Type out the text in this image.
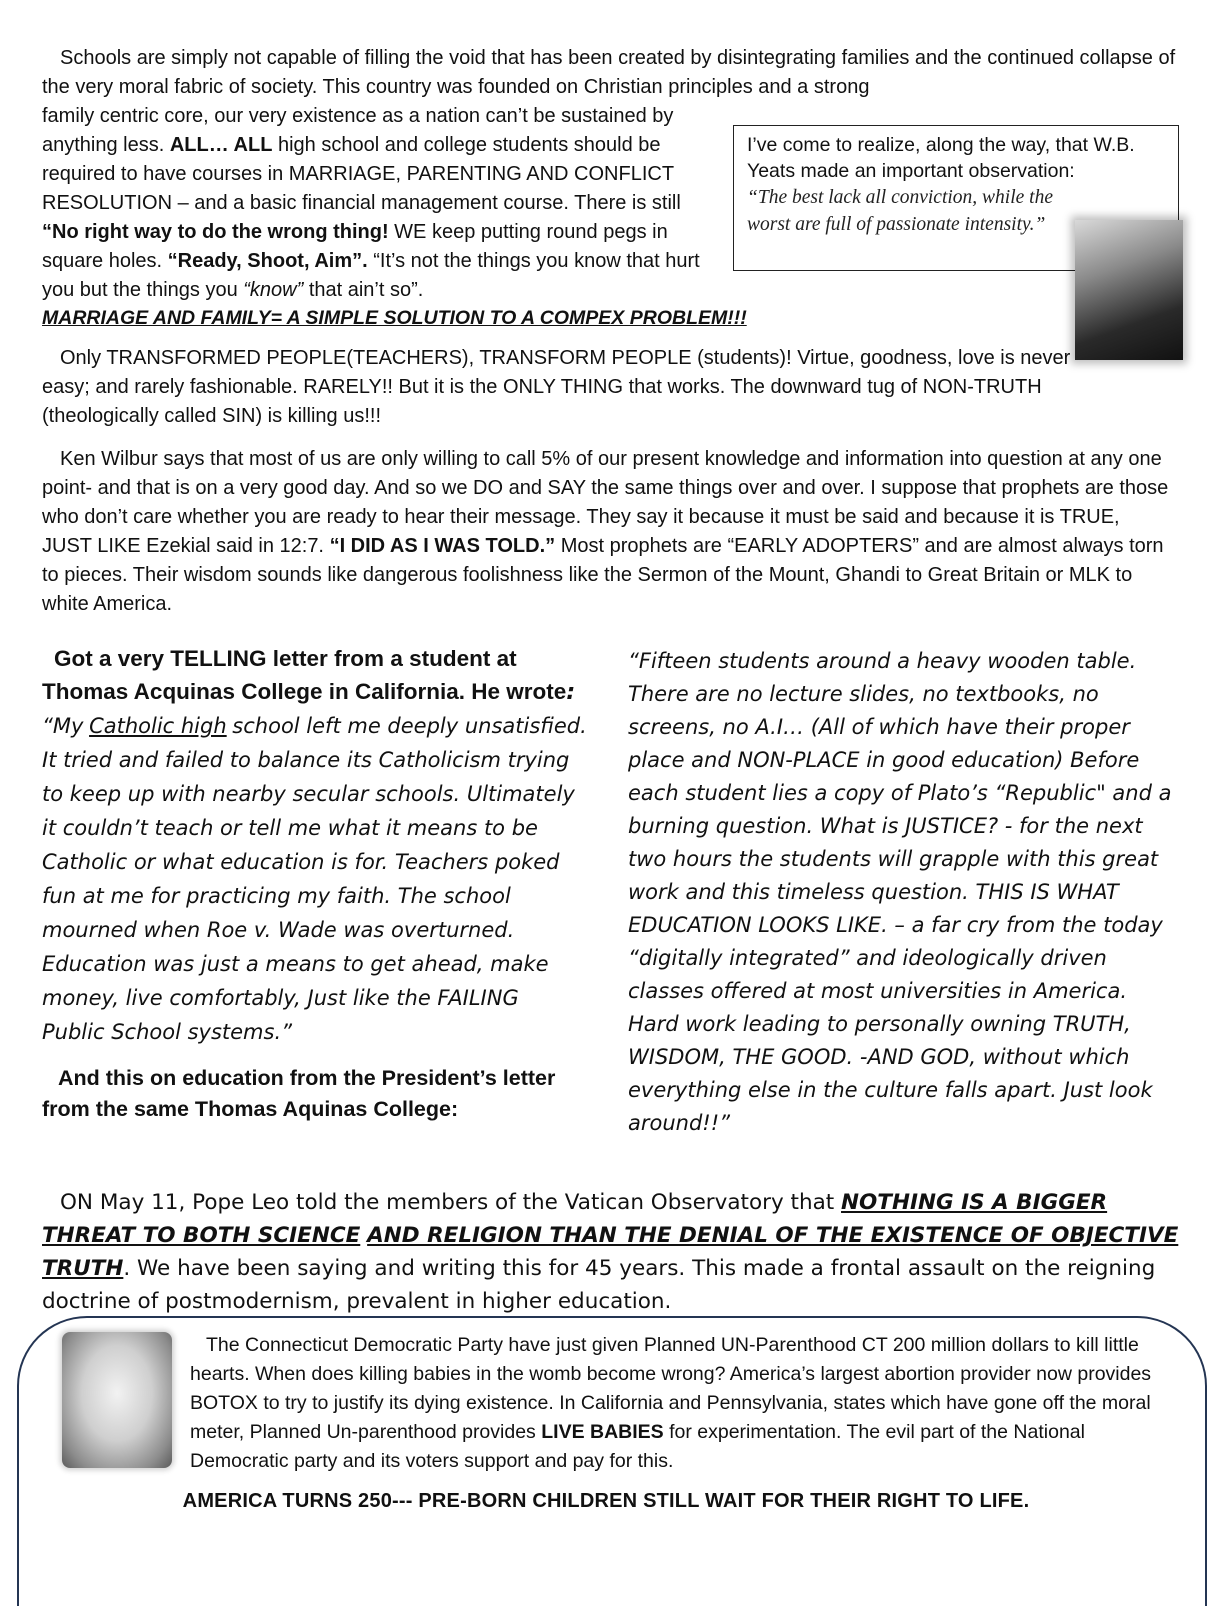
I’ve come to realize, along the way, that W.B. Yeats made an important observation:
“The best lack all conviction, while the worst are full of passionate intensity.”
Schools are simply not capable of filling the void that has been created by disintegrating families and the continued collapse of the very moral fabric of society. This country was founded on Christian principles and a strong
family centric core, our very existence as a nation can’t be sustained by anything less. ALL… ALL high school and college students should be required to have courses in MARRIAGE, PARENTING AND CONFLICT RESOLUTION – and a basic financial management course. There is still “No right way to do the wrong thing! WE keep putting round pegs in square holes. “Ready, Shoot, Aim”. “It’s not the things you know that hurt you but the things you “know” that ain’t so”.
MARRIAGE AND FAMILY= A SIMPLE SOLUTION TO A COMPEX PROBLEM!!!
Only TRANSFORMED PEOPLE(TEACHERS), TRANSFORM PEOPLE (students)! Virtue, goodness, love is never easy; and rarely fashionable. RARELY!! But it is the ONLY THING that works. The downward tug of NON-TRUTH (theologically called SIN) is killing us!!!
Ken Wilbur says that most of us are only willing to call 5% of our present knowledge and information into question at any one point- and that is on a very good day. And so we DO and SAY the same things over and over. I suppose that prophets are those who don’t care whether you are ready to hear their message. They say it because it must be said and because it is TRUE, JUST LIKE Ezekial said in 12:7. “I DID AS I WAS TOLD.” Most prophets are “EARLY ADOPTERS” and are almost always torn to pieces. Their wisdom sounds like dangerous foolishness like the Sermon of the Mount, Ghandi to Great Britain or MLK to white America.
Got a very TELLING letter from a student at Thomas Acquinas College in California. He wrote: “My Catholic high school left me deeply unsatisfied. It tried and failed to balance its Catholicism trying to keep up with nearby secular schools. Ultimately it couldn’t teach or tell me what it means to be Catholic or what education is for. Teachers poked fun at me for practicing my faith. The school mourned when Roe v. Wade was overturned. Education was just a means to get ahead, make money, live comfortably, Just like the FAILING Public School systems.”
And this on education from the President’s letter from the same Thomas Aquinas College:
“Fifteen students around a heavy wooden table. There are no lecture slides, no textbooks, no screens, no A.I… (All of which have their proper place and NON-PLACE in good education) Before each student lies a copy of Plato’s “Republic" and a burning question. What is JUSTICE? - for the next two hours the students will grapple with this great work and this timeless question. THIS IS WHAT EDUCATION LOOKS LIKE. – a far cry from the today “digitally integrated” and ideologically driven classes offered at most universities in America. Hard work leading to personally owning TRUTH, WISDOM, THE GOOD. -AND GOD, without which everything else in the culture falls apart. Just look around!!”
ON May 11, Pope Leo told the members of the Vatican Observatory that NOTHING IS A BIGGER THREAT TO BOTH SCIENCE AND RELIGION THAN THE DENIAL OF THE EXISTENCE OF OBJECTIVE TRUTH. We have been saying and writing this for 45 years. This made a frontal assault on the reigning doctrine of postmodernism, prevalent in higher education.
The Connecticut Democratic Party have just given Planned UN-Parenthood CT 200 million dollars to kill little hearts. When does killing babies in the womb become wrong? America’s largest abortion provider now provides BOTOX to try to justify its dying existence. In California and Pennsylvania, states which have gone off the moral meter, Planned Un-parenthood provides LIVE BABIES for experimentation. The evil part of the National Democratic party and its voters support and pay for this.
AMERICA TURNS 250--- PRE-BORN CHILDREN STILL WAIT FOR THEIR RIGHT TO LIFE.
